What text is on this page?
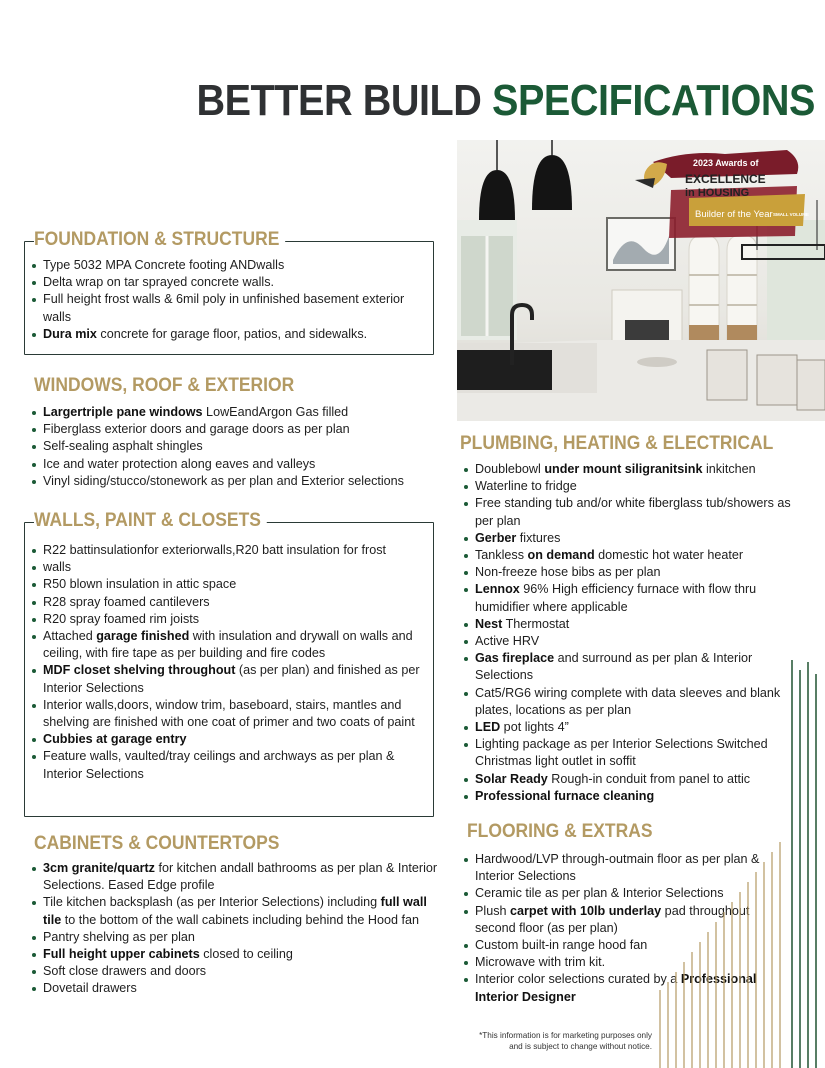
BETTER BUILD SPECIFICATIONS
2023 Awards of
EXCELLENCE
in HOUSING
Builder of the Year SMALL VOLUME
FOUNDATION & STRUCTURE
Type 5032 MPA Concrete footing ANDwalls
Delta wrap on tar sprayed concrete walls.
Full height frost walls & 6mil poly in unfinished basement exterior walls
Dura mix concrete for garage floor, patios, and sidewalks.
WINDOWS, ROOF & EXTERIOR
Largertriple pane windows LowEandArgon Gas filled
Fiberglass exterior doors and garage doors as per plan
Self-sealing asphalt shingles
Ice and water protection along eaves and valleys
Vinyl siding/stucco/stonework as per plan and Exterior selections
WALLS, PAINT & CLOSETS
R22 battinsulationfor exteriorwalls,R20 batt insulation for frost
walls
R50 blown insulation in attic space
R28 spray foamed cantilevers
R20 spray foamed rim joists
Attached garage finished with insulation and drywall on walls and ceiling, with fire tape as per building and fire codes
MDF closet shelving throughout (as per plan) and finished as per Interior Selections
Interior walls,doors, window trim, baseboard, stairs, mantles and shelving are finished with one coat of primer and two coats of paint
Cubbies at garage entry
Feature walls, vaulted/tray ceilings and archways as per plan & Interior Selections
CABINETS & COUNTERTOPS
3cm granite/quartz for kitchen andall bathrooms as per plan & Interior Selections. Eased Edge profile
Tile kitchen backsplash (as per Interior Selections) including full wall tile to the bottom of the wall cabinets including behind the Hood fan
Pantry shelving as per plan
Full height upper cabinets closed to ceiling
Soft close drawers and doors
Dovetail drawers
PLUMBING, HEATING & ELECTRICAL
Doublebowl under mount siligranitsink inkitchen
Waterline to fridge
Free standing tub and/or white fiberglass tub/showers as per plan
Gerber fixtures
Tankless on demand domestic hot water heater
Non-freeze hose bibs as per plan
Lennox 96% High efficiency furnace with flow thru humidifier where applicable
Nest Thermostat
Active HRV
Gas fireplace and surround as per plan & Interior Selections
Cat5/RG6 wiring complete with data sleeves and blank plates, locations as per plan
LED pot lights 4”
Lighting package as per Interior Selections Switched Christmas light outlet in soffit
Solar Ready Rough-in conduit from panel to attic
Professional furnace cleaning
FLOORING & EXTRAS
Hardwood/LVP through-outmain floor as per plan & Interior Selections
Ceramic tile as per plan & Interior Selections
Plush carpet with 10lb underlay pad throughout second floor (as per plan)
Custom built-in range hood fan
Microwave with trim kit.
Interior color selections curated by a Professional Interior Designer
*This information is for marketing purposes only
and is subject to change without notice.
